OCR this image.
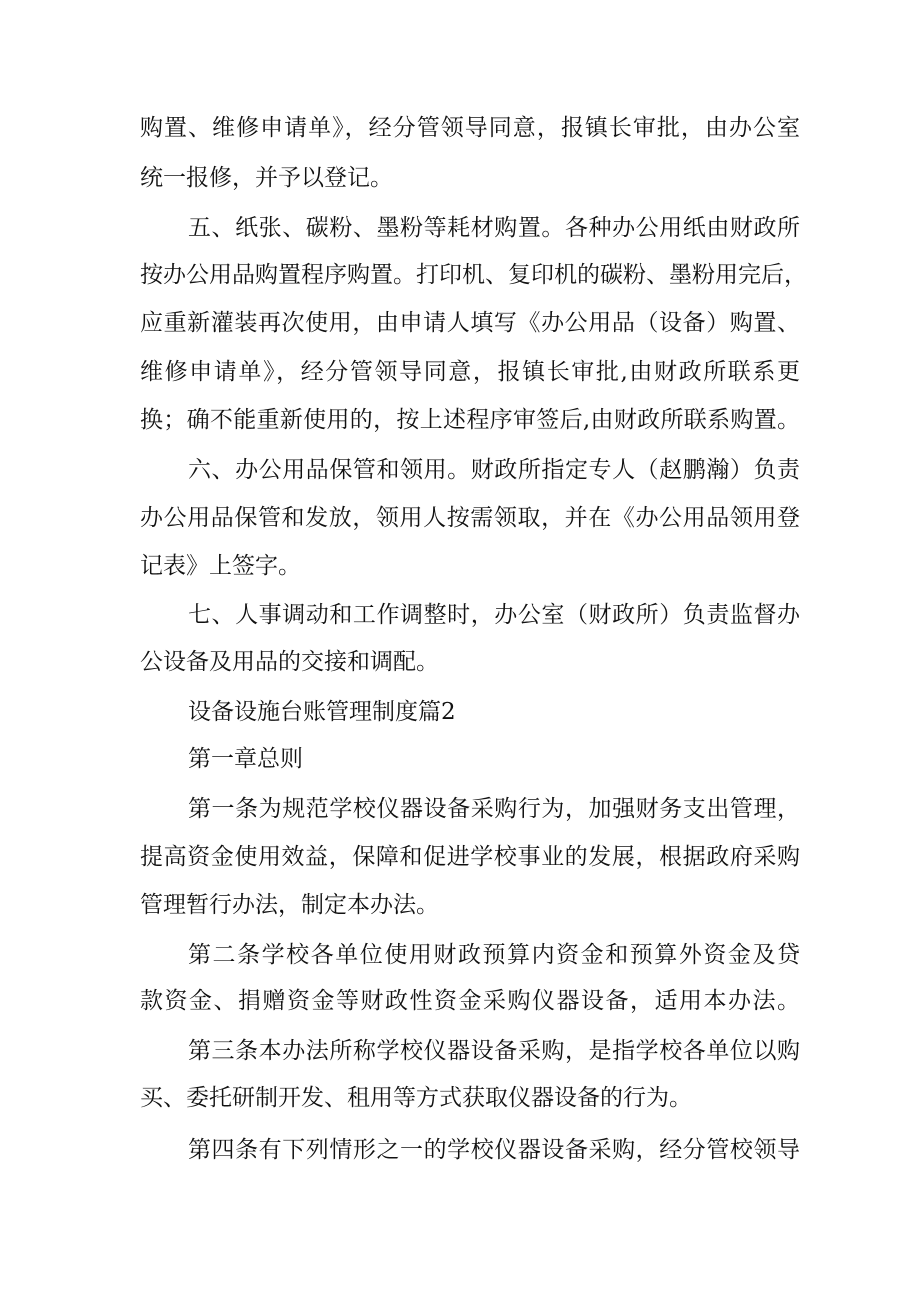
购置、维修申请单》，经分管领导同意，报镇长审批，由办公室
统一报修，并予以登记。
五、纸张、碳粉、墨粉等耗材购置。各种办公用纸由财政所
按办公用品购置程序购置。打印机、复印机的碳粉、墨粉用完后，
应重新灌装再次使用，由申请人填写《办公用品（设备）购置、
维修申请单》，经分管领导同意，报镇长审批,由财政所联系更
换；确不能重新使用的，按上述程序审签后,由财政所联系购置。
六、办公用品保管和领用。财政所指定专人（赵鹏瀚）负责
办公用品保管和发放，领用人按需领取，并在《办公用品领用登
记表》上签字。
七、人事调动和工作调整时，办公室（财政所）负责监督办
公设备及用品的交接和调配。
设备设施台账管理制度篇2
第一章总则
第一条为规范学校仪器设备采购行为，加强财务支出管理，
提高资金使用效益，保障和促进学校事业的发展，根据政府采购
管理暂行办法，制定本办法。
第二条学校各单位使用财政预算内资金和预算外资金及贷
款资金、捐赠资金等财政性资金采购仪器设备，适用本办法。
第三条本办法所称学校仪器设备采购，是指学校各单位以购
买、委托研制开发、租用等方式获取仪器设备的行为。
第四条有下列情形之一的学校仪器设备采购，经分管校领导
